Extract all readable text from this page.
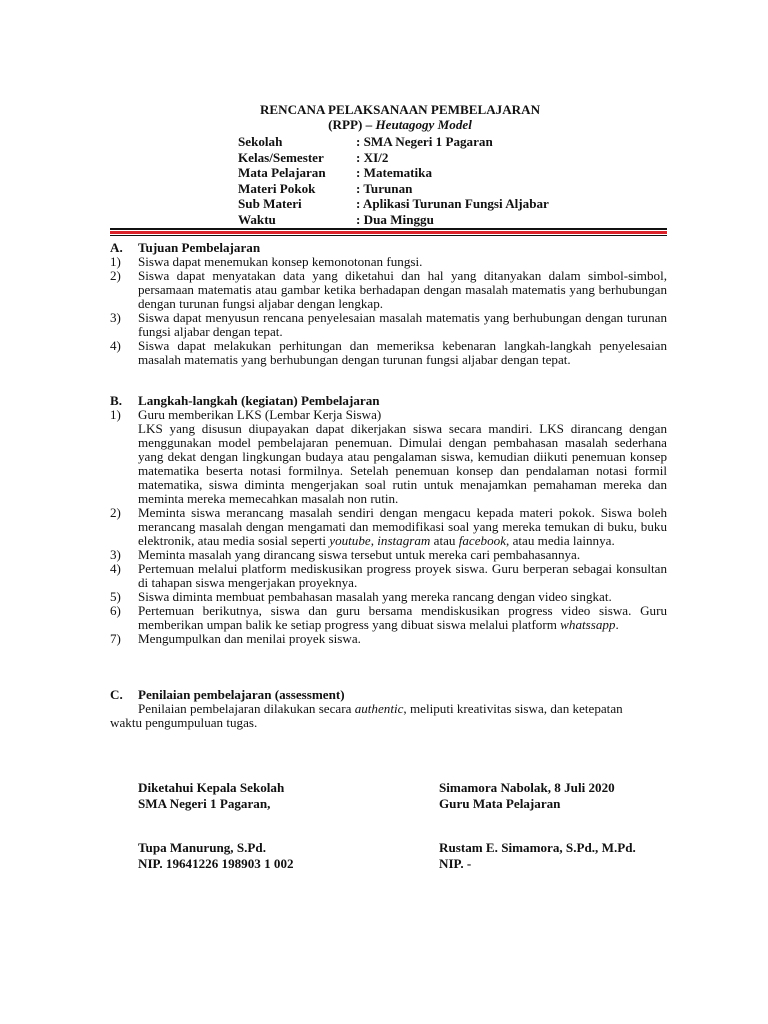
RENCANA PELAKSANAAN PEMBELAJARAN
(RPP) – Heutagogy Model
Sekolah	: SMA Negeri 1 Pagaran
Kelas/Semester	: XI/2
Mata Pelajaran	: Matematika
Materi Pokok	: Turunan
Sub Materi	: Aplikasi Turunan Fungsi Aljabar
Waktu	: Dua Minggu
A.	Tujuan Pembelajaran
1)	Siswa dapat menemukan konsep kemonotonan fungsi.
2)	Siswa dapat menyatakan data yang diketahui dan hal yang ditanyakan dalam simbol-simbol, persamaan matematis atau gambar ketika berhadapan dengan masalah matematis yang berhubungan dengan turunan fungsi aljabar dengan lengkap.
3)	Siswa dapat menyusun rencana penyelesaian masalah matematis yang berhubungan dengan turunan fungsi aljabar dengan tepat.
4)	Siswa dapat melakukan perhitungan dan memeriksa kebenaran langkah-langkah penyelesaian masalah matematis yang berhubungan dengan turunan fungsi aljabar dengan tepat.
B.	Langkah-langkah (kegiatan) Pembelajaran
1)	Guru memberikan LKS (Lembar Kerja Siswa)
LKS yang disusun diupayakan dapat dikerjakan siswa secara mandiri. LKS dirancang dengan menggunakan model pembelajaran penemuan. Dimulai dengan pembahasan masalah sederhana yang dekat dengan lingkungan budaya atau pengalaman siswa, kemudian diikuti penemuan konsep matematika beserta notasi formilnya. Setelah penemuan konsep dan pendalaman notasi formil matematika, siswa diminta mengerjakan soal rutin untuk menajamkan pemahaman mereka dan meminta mereka memecahkan masalah non rutin.
2)	Meminta siswa merancang masalah sendiri dengan mengacu kepada materi pokok. Siswa boleh merancang masalah dengan mengamati dan memodifikasi soal yang mereka temukan di buku, buku elektronik, atau media sosial seperti youtube, instagram atau facebook, atau media lainnya.
3)	Meminta masalah yang dirancang siswa tersebut untuk mereka cari pembahasannya.
4)	Pertemuan melalui platform mediskusikan progress proyek siswa. Guru berperan sebagai konsultan di tahapan siswa mengerjakan proyeknya.
5)	Siswa diminta membuat pembahasan masalah yang mereka rancang dengan video singkat.
6)	Pertemuan berikutnya, siswa dan guru bersama mendiskusikan progress video siswa. Guru memberikan umpan balik ke setiap progress yang dibuat siswa melalui platform whatssapp.
7)	Mengumpulkan dan menilai proyek siswa.
C.	Penilaian pembelajaran (assessment)
Penilaian pembelajaran dilakukan secara authentic, meliputi kreativitas siswa, dan ketepatan
waktu pengumpuluan tugas.
Diketahui Kepala Sekolah
SMA Negeri 1 Pagaran,
Tupa Manurung, S.Pd.
NIP. 19641226 198903 1 002
Simamora Nabolak, 8 Juli 2020
Guru Mata Pelajaran
Rustam E. Simamora, S.Pd., M.Pd.
NIP. -
